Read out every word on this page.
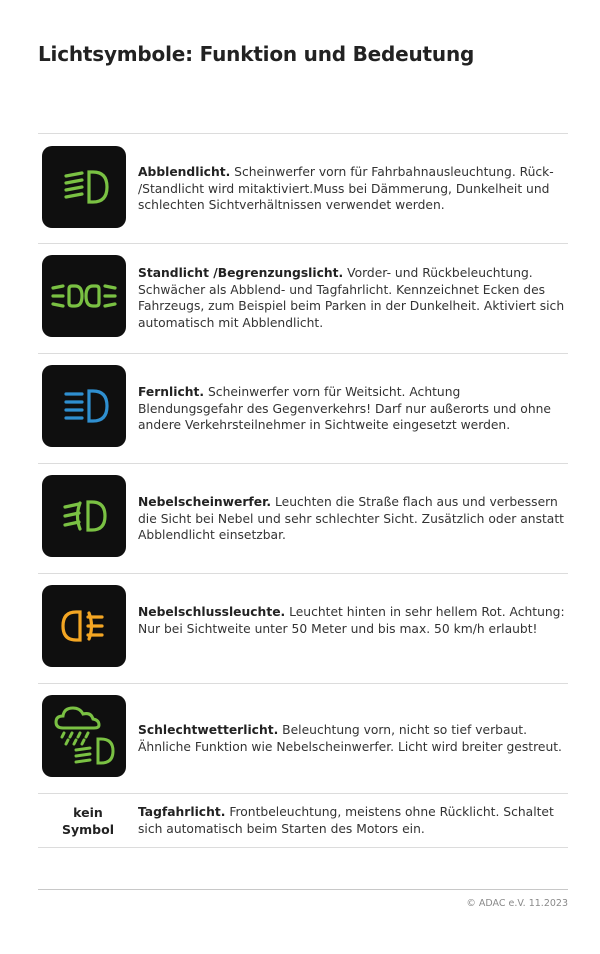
Lichtsymbole: Funktion und Bedeutung
Abblendlicht. Scheinwerfer vorn für Fahrbahnausleuchtung. Rück- /Standlicht wird mitaktiviert.Muss bei Dämmerung, Dunkelheit und schlechten Sichtverhältnissen verwendet werden.
Standlicht /Begrenzungslicht. Vorder- und Rückbeleuchtung. Schwächer als Abblend- und Tagfahrlicht. Kennzeichnet Ecken des Fahrzeugs, zum Beispiel beim Parken in der Dunkelheit. Aktiviert sich automatisch mit Abblendlicht.
Fernlicht. Scheinwerfer vorn für Weitsicht. Achtung Blendungsgefahr des Gegenverkehrs! Darf nur außerorts und ohne andere Verkehrsteilnehmer in Sichtweite eingesetzt werden.
Nebelscheinwerfer. Leuchten die Straße flach aus und verbessern die Sicht bei Nebel und sehr schlechter Sicht. Zusätzlich oder anstatt Abblendlicht einsetzbar.
Nebelschlussleuchte. Leuchtet hinten in sehr hellem Rot. Achtung: Nur bei Sichtweite unter 50 Meter und bis max. 50 km/h erlaubt!
Schlechtwetterlicht. Beleuchtung vorn, nicht so tief verbaut. Ähnliche Funktion wie Nebelscheinwerfer. Licht wird breiter gestreut.
kein
Symbol
Tagfahrlicht. Frontbeleuchtung, meistens ohne Rücklicht. Schaltet sich automatisch beim Starten des Motors ein.
© ADAC e.V. 11.2023
